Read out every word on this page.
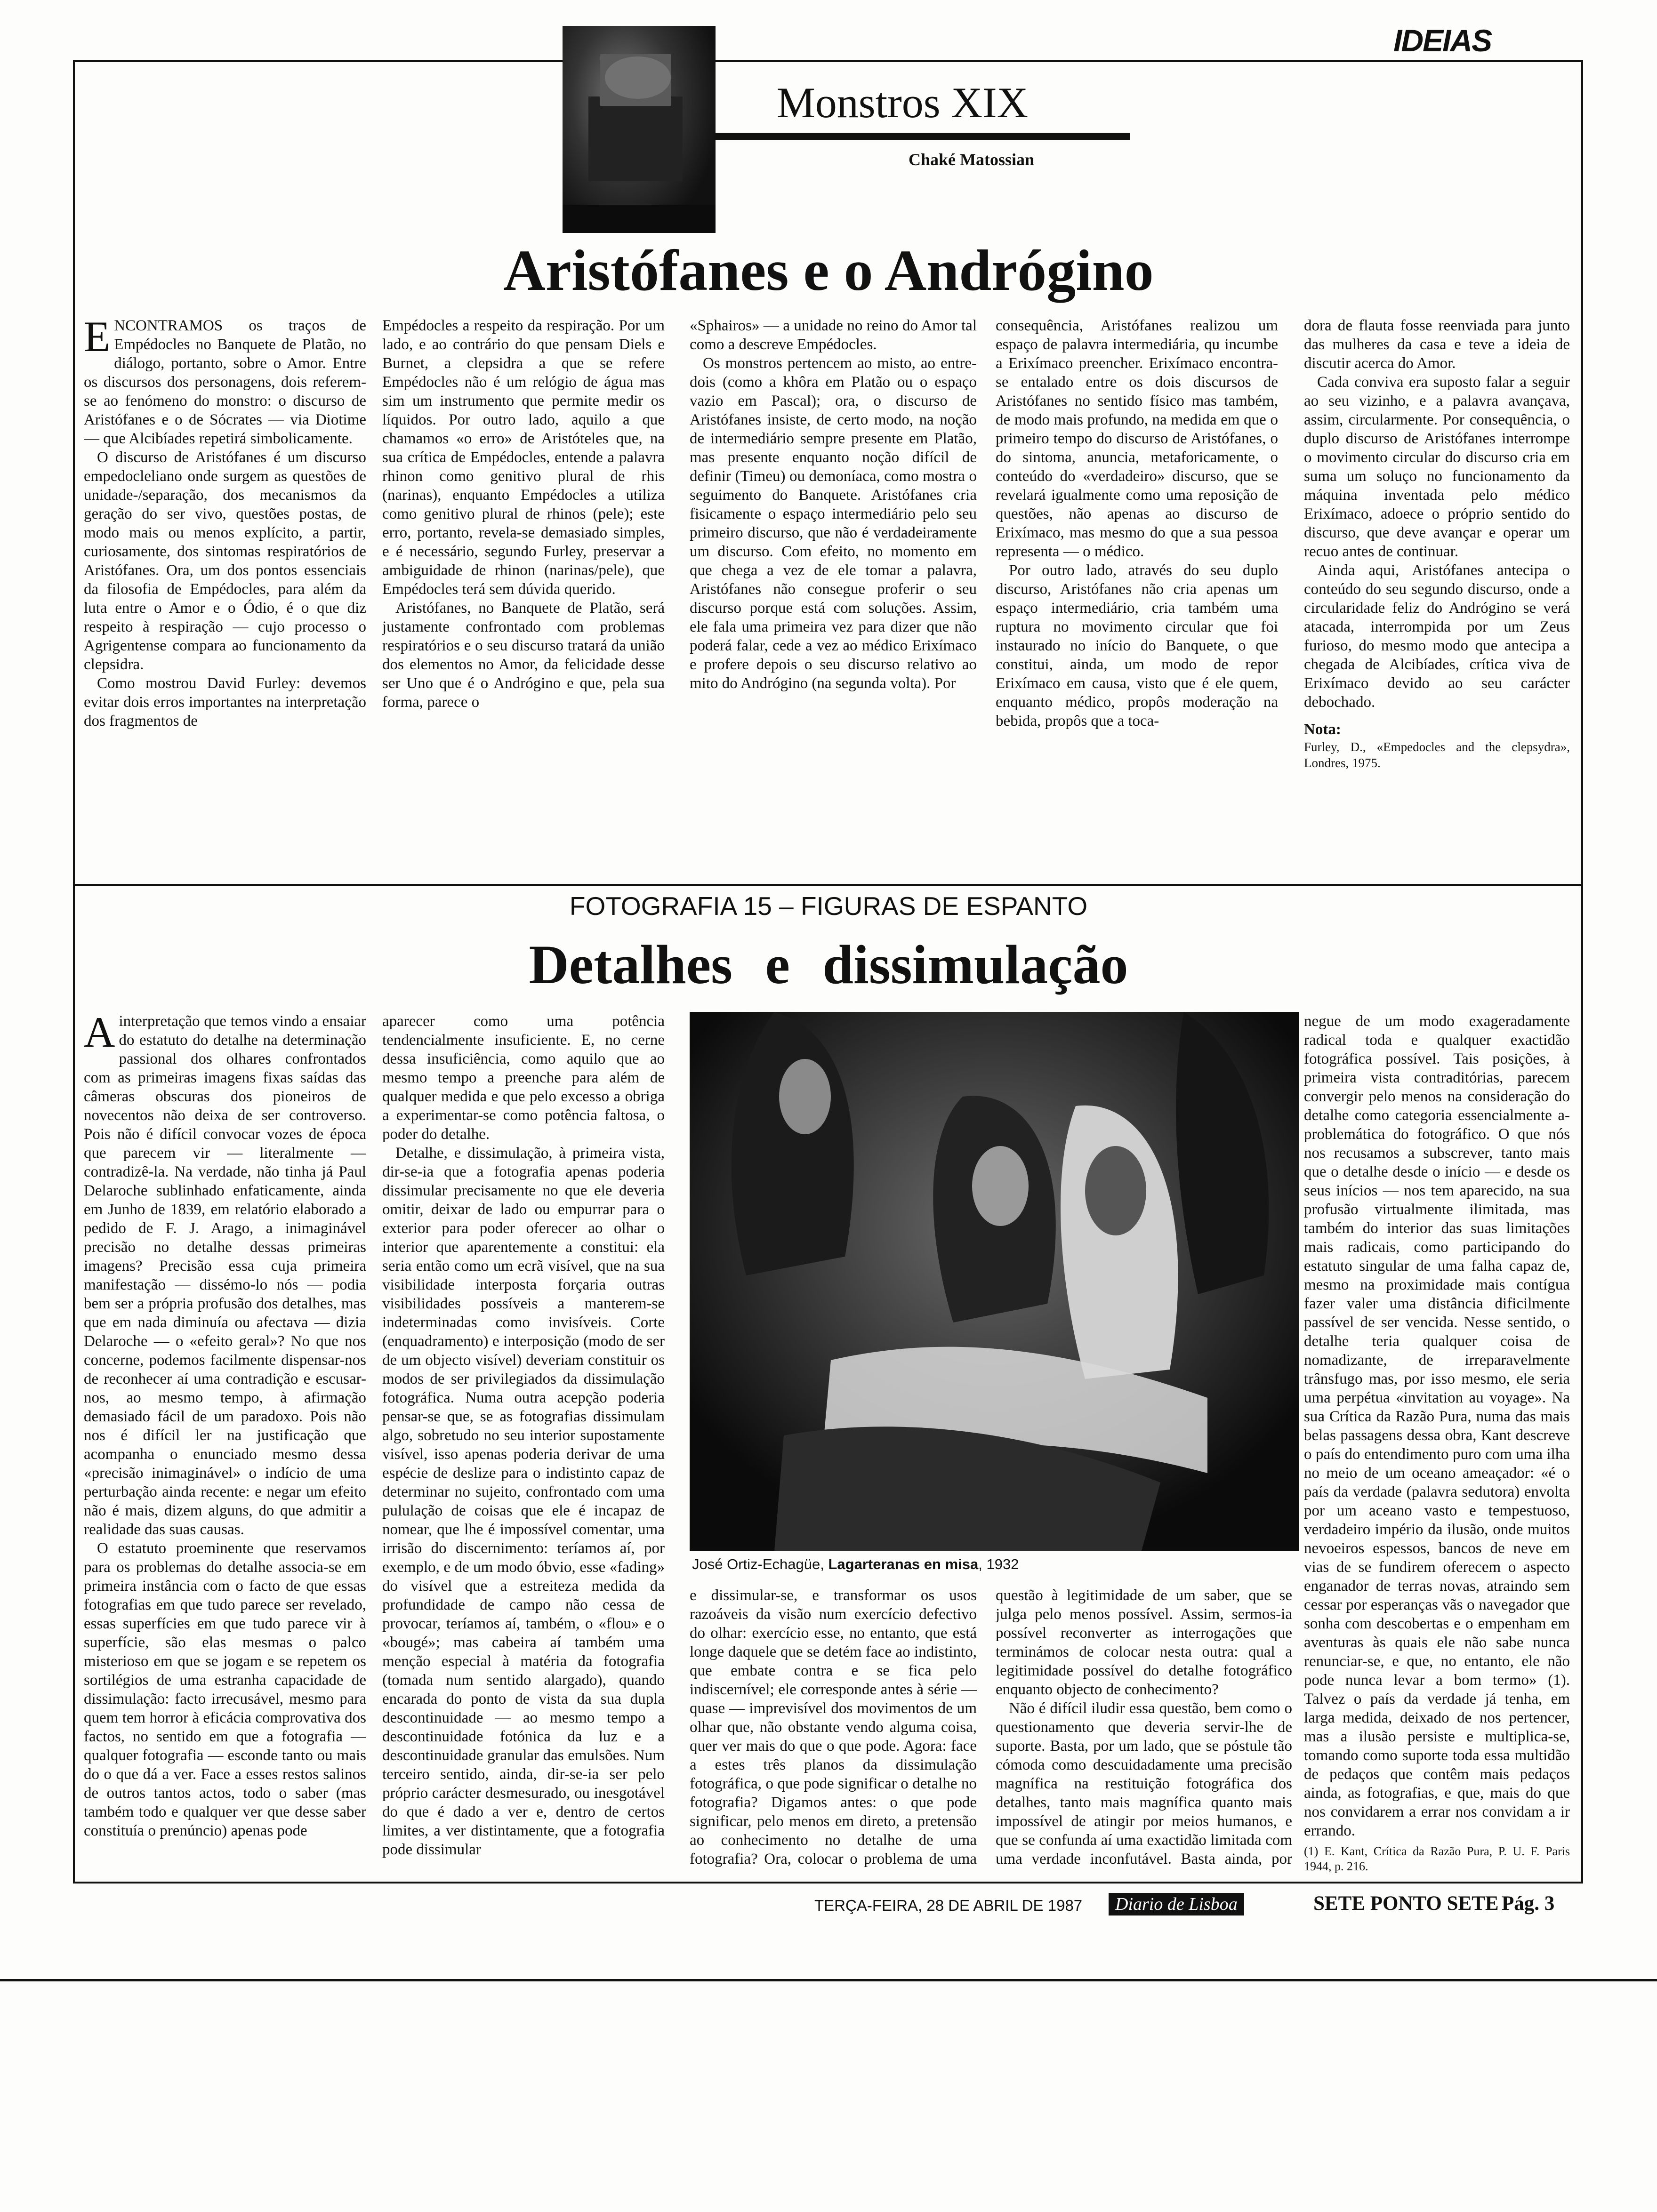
IDEIAS
Monstros XIX
Chaké Matossian
Aristófanes e o Andrógino

ENCONTRAMOS os traços de Empédocles no Banquete de Platão, no diálogo, portanto, sobre o Amor. Entre os discursos dos personagens, dois referem-se ao fenómeno do monstro: o discurso de Aristófanes e o de Sócrates — via Diotime — que Alcibíades repetirá simbolicamente.

O discurso de Aristófanes é um discurso empedocleliano onde surgem as questões de unidade-/separação, dos mecanismos da geração do ser vivo, questões postas, de modo mais ou menos explícito, a partir, curiosamente, dos sintomas respiratórios de Aristófanes. Ora, um dos pontos essenciais da filosofia de Empédocles, para além da luta entre o Amor e o Ódio, é o que diz respeito à respiração — cujo processo o Agrigentense compara ao funcionamento da clepsidra.

Como mostrou David Furley: devemos evitar dois erros importantes na interpretação dos fragmentos de

Empédocles a respeito da respiração. Por um lado, e ao contrário do que pensam Diels e Burnet, a clepsidra a que se refere Empédocles não é um relógio de água mas sim um instrumento que permite medir os líquidos. Por outro lado, aquilo a que chamamos «o erro» de Aristóteles que, na sua crítica de Empédocles, entende a palavra rhinon como genitivo plural de rhis (narinas), enquanto Empédocles a utiliza como genitivo plural de rhinos (pele); este erro, portanto, revela-se demasiado simples, e é necessário, segundo Furley, preservar a ambiguidade de rhinon (narinas/pele), que Empédocles terá sem dúvida querido.

Aristófanes, no Banquete de Platão, será justamente confrontado com problemas respiratórios e o seu discurso tratará da união dos elementos no Amor, da felicidade desse ser Uno que é o Andrógino e que, pela sua forma, parece o

«Sphairos» — a unidade no reino do Amor tal como a descreve Empédocles.

Os monstros pertencem ao misto, ao entre-dois (como a khôra em Platão ou o espaço vazio em Pascal); ora, o discurso de Aristófanes insiste, de certo modo, na noção de intermediário sempre presente em Platão, mas presente enquanto noção difícil de definir (Timeu) ou demoníaca, como mostra o seguimento do Banquete. Aristófanes cria fisicamente o espaço intermediário pelo seu primeiro discurso, que não é verdadeiramente um discurso. Com efeito, no momento em que chega a vez de ele tomar a palavra, Aristófanes não consegue proferir o seu discurso porque está com soluções. Assim, ele fala uma primeira vez para dizer que não poderá falar, cede a vez ao médico Erixímaco e profere depois o seu discurso relativo ao mito do Andrógino (na segunda volta). Por

consequência, Aristófanes realizou um espaço de palavra intermediária, qu incumbe a Erixímaco preencher. Erixímaco encontra-se entalado entre os dois discursos de Aristófanes no sentido físico mas também, de modo mais profundo, na medida em que o primeiro tempo do discurso de Aristófanes, o do sintoma, anuncia, metaforicamente, o conteúdo do «verdadeiro» discurso, que se revelará igualmente como uma reposição de questões, não apenas ao discurso de Erixímaco, mas mesmo do que a sua pessoa representa — o médico.

Por outro lado, através do seu duplo discurso, Aristófanes não cria apenas um espaço intermediário, cria também uma ruptura no movimento circular que foi instaurado no início do Banquete, o que constitui, ainda, um modo de repor Erixímaco em causa, visto que é ele quem, enquanto médico, propôs moderação na bebida, propôs que a toca-

dora de flauta fosse reenviada para junto das mulheres da casa e teve a ideia de discutir acerca do Amor.

Cada conviva era suposto falar a seguir ao seu vizinho, e a palavra avançava, assim, circularmente. Por consequência, o duplo discurso de Aristófanes interrompe o movimento circular do discurso cria em suma um soluço no funcionamento da máquina inventada pelo médico Erixímaco, adoece o próprio sentido do discurso, que deve avançar e operar um recuo antes de continuar.

Ainda aqui, Aristófanes antecipa o conteúdo do seu segundo discurso, onde a circularidade feliz do Andrógino se verá atacada, interrompida por um Zeus furioso, do mesmo modo que antecipa a chegada de Alcibíades, crítica viva de Erixímaco devido ao seu carácter debochado.

Nota:
Furley, D., «Empedocles and the clepsydra», Londres, 1975.
FOTOGRAFIA 15 – FIGURAS DE ESPANTO
Detalhes e dissimulação

Ainterpretação que temos vindo a ensaiar do estatuto do detalhe na determinação passional dos olhares confrontados com as primeiras imagens fixas saídas das câmeras obscuras dos pioneiros de novecentos não deixa de ser controverso. Pois não é difícil convocar vozes de época que parecem vir — literalmente — contradizê-la. Na verdade, não tinha já Paul Delaroche sublinhado enfaticamente, ainda em Junho de 1839, em relatório elaborado a pedido de F. J. Arago, a inimaginável precisão no detalhe dessas primeiras imagens? Precisão essa cuja primeira manifestação — dissémo-lo nós — podia bem ser a própria profusão dos detalhes, mas que em nada diminuía ou afectava — dizia Delaroche — o «efeito geral»? No que nos concerne, podemos facilmente dispensar-nos de reconhecer aí uma contradição e escusar-nos, ao mesmo tempo, à afirmação demasiado fácil de um paradoxo. Pois não nos é difícil ler na justificação que acompanha o enunciado mesmo dessa «precisão inimaginável» o indício de uma perturbação ainda recente: e negar um efeito não é mais, dizem alguns, do que admitir a realidade das suas causas.

O estatuto proeminente que reservamos para os problemas do detalhe associa-se em primeira instância com o facto de que essas fotografias em que tudo parece ser revelado, essas superfícies em que tudo parece vir à superfície, são elas mesmas o palco misterioso em que se jogam e se repetem os sortilégios de uma estranha capacidade de dissimulação: facto irrecusável, mesmo para quem tem horror à eficácia comprovativa dos factos, no sentido em que a fotografia — qualquer fotografia — esconde tanto ou mais do o que dá a ver. Face a esses restos salinos de outros tantos actos, todo o saber (mas também todo e qualquer ver que desse saber constituía o prenúncio) apenas pode

aparecer como uma potência tendencialmente insuficiente. E, no cerne dessa insuficiência, como aquilo que ao mesmo tempo a preenche para além de qualquer medida e que pelo excesso a obriga a experimentar-se como potência faltosa, o poder do detalhe.

Detalhe, e dissimulação, à primeira vista, dir-se-ia que a fotografia apenas poderia dissimular precisamente no que ele deveria omitir, deixar de lado ou empurrar para o exterior para poder oferecer ao olhar o interior que aparentemente a constitui: ela seria então como um ecrã visível, que na sua visibilidade interposta forçaria outras visibilidades possíveis a manterem-se indeterminadas como invisíveis. Corte (enquadramento) e interposição (modo de ser de um objecto visível) deveriam constituir os modos de ser privilegiados da dissimulação fotográfica. Numa outra acepção poderia pensar-se que, se as fotografias dissimulam algo, sobretudo no seu interior supostamente visível, isso apenas poderia derivar de uma espécie de deslize para o indistinto capaz de determinar no sujeito, confrontado com uma pululação de coisas que ele é incapaz de nomear, que lhe é impossível comentar, uma irrisão do discernimento: teríamos aí, por exemplo, e de um modo óbvio, esse «fading» do visível que a estreiteza medida da profundidade de campo não cessa de provocar, teríamos aí, também, o «flou» e o «bougé»; mas cabeira aí também uma menção especial à matéria da fotografia (tomada num sentido alargado), quando encarada do ponto de vista da sua dupla descontinuidade — ao mesmo tempo a descontinuidade fotónica da luz e a descontinuidade granular das emulsões. Num terceiro sentido, ainda, dir-se-ia ser pelo próprio carácter desmesurado, ou inesgotável do que é dado a ver e, dentro de certos limites, a ver distintamente, que a fotografia pode dissimular

José Ortiz-Echagüe, Lagarteranas en misa, 1932

e dissimular-se, e transformar os usos razoáveis da visão num exercício defectivo do olhar: exercício esse, no entanto, que está longe daquele que se detém face ao indistinto, que embate contra e se fica pelo indiscernível; ele corresponde antes à série — quase — imprevisível dos movimentos de um olhar que, não obstante vendo alguma coisa, quer ver mais do que o que pode. Agora: face a estes três planos da dissimulação fotográfica, o que pode significar o detalhe no fotografia? Digamos antes: o que pode significar, pelo menos em direto, a pretensão ao conhecimento no detalhe de uma fotografia? Ora, colocar o problema de uma

questão à legitimidade de um saber, que se julga pelo menos possível. Assim, sermos-ia possível reconverter as interrogações que terminámos de colocar nesta outra: qual a legitimidade possível do detalhe fotográfico enquanto objecto de conhecimento?

Não é difícil iludir essa questão, bem como o questionamento que deveria servir-lhe de suporte. Basta, por um lado, que se póstule tão cómoda como descuidadamente uma precisão magnífica na restituição fotográfica dos detalhes, tanto mais magnífica quanto mais impossível de atingir por meios humanos, e que se confunda aí uma exactidão limitada com uma verdade inconfutável. Basta ainda, por

negue de um modo exageradamente radical toda e qualquer exactidão fotográfica possível. Tais posições, à primeira vista contraditórias, parecem convergir pelo menos na consideração do detalhe como categoria essencialmente a-problemática do fotográfico. O que nós nos recusamos a subscrever, tanto mais que o detalhe desde o início — e desde os seus inícios — nos tem aparecido, na sua profusão virtualmente ilimitada, mas também do interior das suas limitações mais radicais, como participando do estatuto singular de uma falha capaz de, mesmo na proximidade mais contígua fazer valer uma distância dificilmente passível de ser vencida. Nesse sentido, o detalhe teria qualquer coisa de nomadizante, de irreparavelmente trânsfugo mas, por isso mesmo, ele seria uma perpétua «invitation au voyage». Na sua Crítica da Razão Pura, numa das mais belas passagens dessa obra, Kant descreve o país do entendimento puro com uma ilha no meio de um oceano ameaçador: «é o país da verdade (palavra sedutora) envolta por um aceano vasto e tempestuoso, verdadeiro império da ilusão, onde muitos nevoeiros espessos, bancos de neve em vias de se fundirem oferecem o aspecto enganador de terras novas, atraindo sem cessar por esperanças vãs o navegador que sonha com descobertas e o empenham em aventuras às quais ele não sabe nunca renunciar-se, e que, no entanto, ele não pode nunca levar a bom termo» (1). Talvez o país da verdade já tenha, em larga medida, deixado de nos pertencer, mas a ilusão persiste e multiplica-se, tomando como suporte toda essa multidão de pedaços que contêm mais pedaços ainda, as fotografias, e que, mais do que nos convidarem a errar nos convidam a ir errando.

(1) E. Kant, Crítica da Razão Pura, P. U. F. Paris 1944, p. 216.
TERÇA-FEIRA, 28 DE ABRIL DE 1987	Diario de Lisboa	SETE PONTO SETE Pág. 3
